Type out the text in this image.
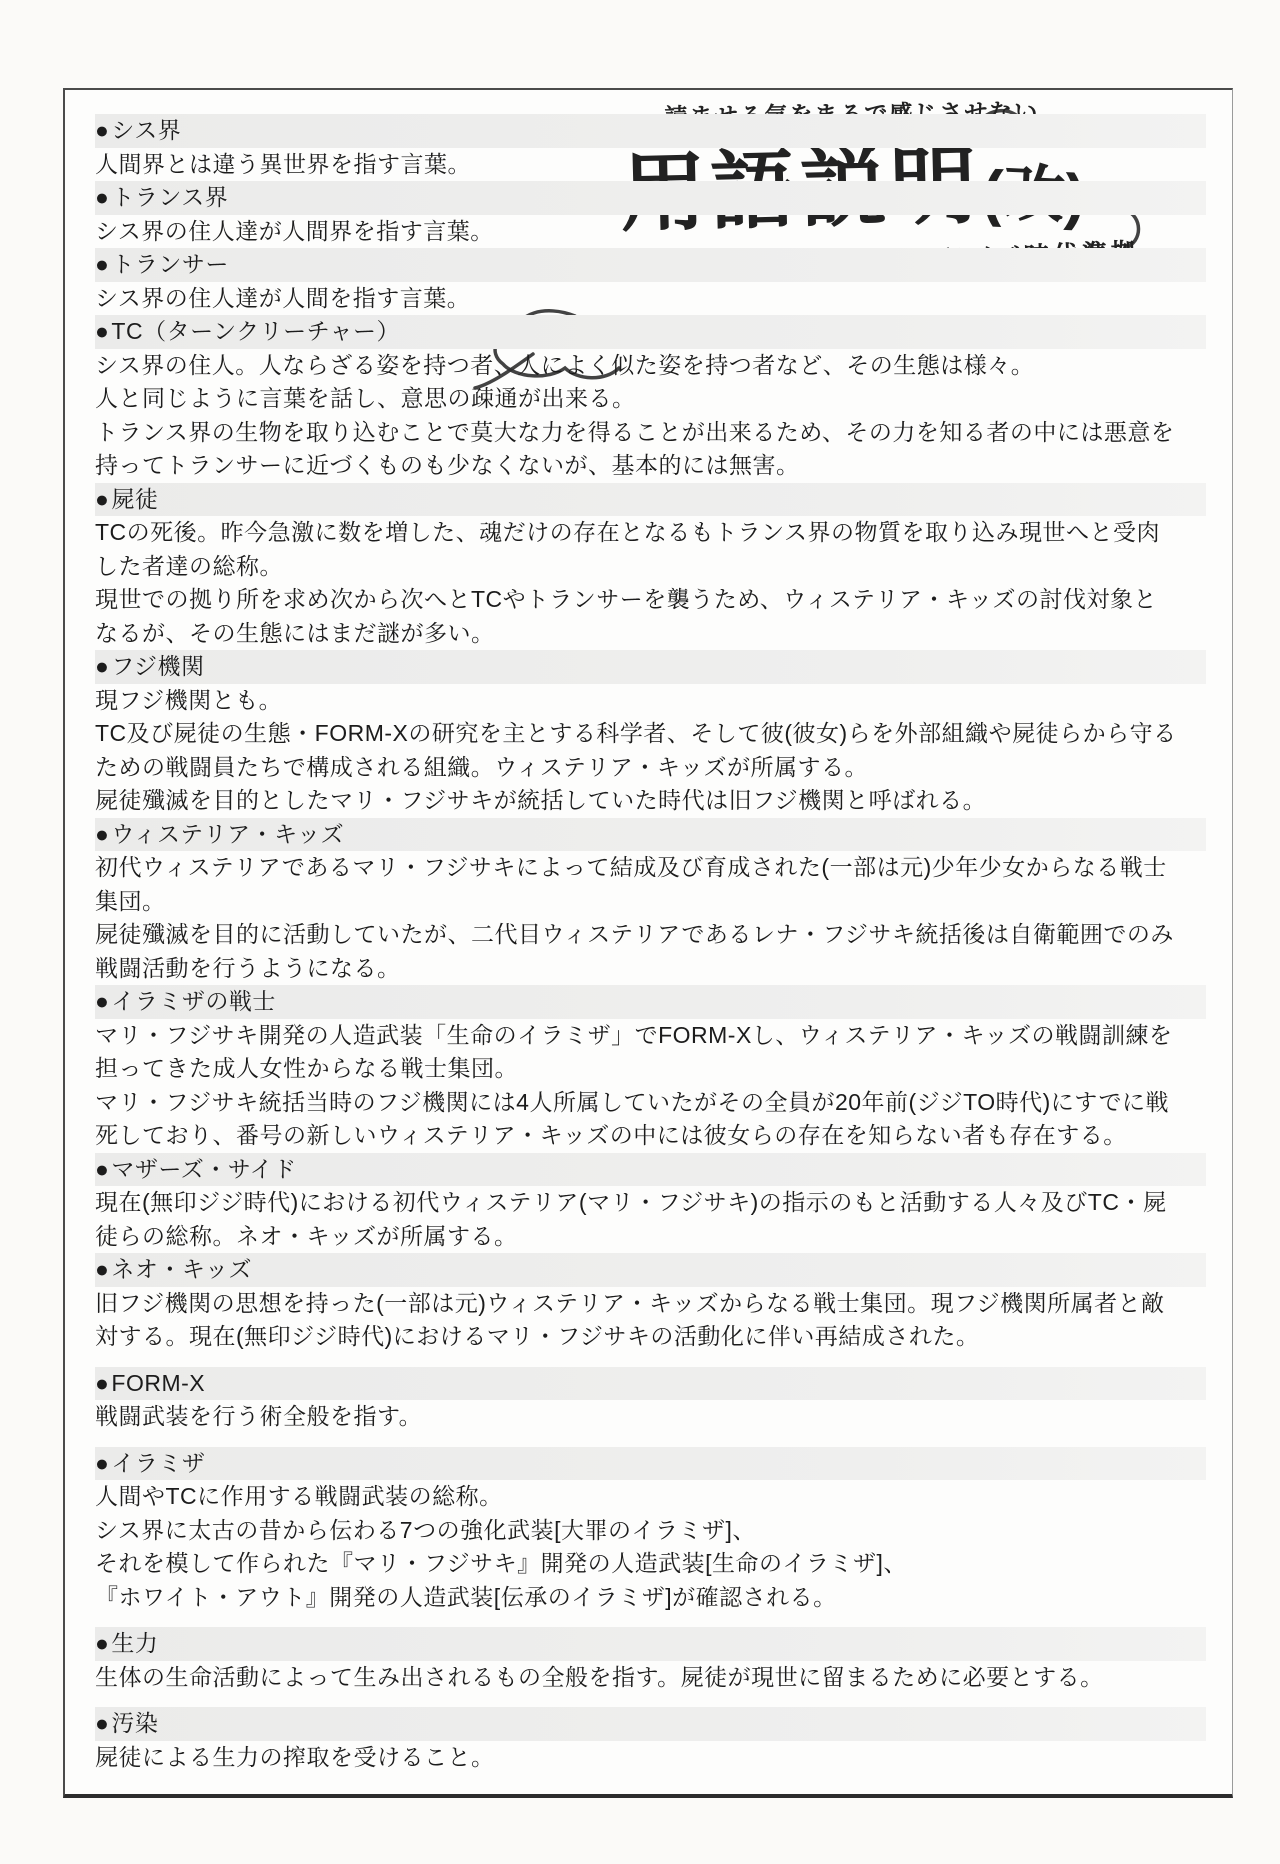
●シス界
人間界とは違う異世界を指す言葉。
●トランス界
シス界の住人達が人間界を指す言葉。
●トランサー
シス界の住人達が人間を指す言葉。
●TC（ターンクリーチャー）
シス界の住人。人ならざる姿を持つ者、人によく似た姿を持つ者など、その生態は様々。
人と同じように言葉を話し、意思の疎通が出来る。
トランス界の生物を取り込むことで莫大な力を得ることが出来るため、その力を知る者の中には悪意を
持ってトランサーに近づくものも少なくないが、基本的には無害。
●屍徒
TCの死後。昨今急激に数を増した、魂だけの存在となるもトランス界の物質を取り込み現世へと受肉
した者達の総称。
現世での拠り所を求め次から次へとTCやトランサーを襲うため、ウィステリア・キッズの討伐対象と
なるが、その生態にはまだ謎が多い。
●フジ機関
現フジ機関とも。
TC及び屍徒の生態・FORM-Xの研究を主とする科学者、そして彼(彼女)らを外部組織や屍徒らから守る
ための戦闘員たちで構成される組織。ウィステリア・キッズが所属する。
屍徒殲滅を目的としたマリ・フジサキが統括していた時代は旧フジ機関と呼ばれる。
●ウィステリア・キッズ
初代ウィステリアであるマリ・フジサキによって結成及び育成された(一部は元)少年少女からなる戦士
集団。
屍徒殲滅を目的に活動していたが、二代目ウィステリアであるレナ・フジサキ統括後は自衛範囲でのみ
戦闘活動を行うようになる。
●イラミザの戦士
マリ・フジサキ開発の人造武装「生命のイラミザ」でFORM-Xし、ウィステリア・キッズの戦闘訓練を
担ってきた成人女性からなる戦士集団。
マリ・フジサキ統括当時のフジ機関には4人所属していたがその全員が20年前(ジジTO時代)にすでに戦
死しており、番号の新しいウィステリア・キッズの中には彼女らの存在を知らない者も存在する。
●マザーズ・サイド
現在(無印ジジ時代)における初代ウィステリア(マリ・フジサキ)の指示のもと活動する人々及びTC・屍
徒らの総称。ネオ・キッズが所属する。
●ネオ・キッズ
旧フジ機関の思想を持った(一部は元)ウィステリア・キッズからなる戦士集団。現フジ機関所属者と敵
対する。現在(無印ジジ時代)におけるマリ・フジサキの活動化に伴い再結成された。
●FORM-X
戦闘武装を行う術全般を指す。
●イラミザ
人間やTCに作用する戦闘武装の総称。
シス界に太古の昔から伝わる7つの強化武装[大罪のイラミザ]、
それを模して作られた『マリ・フジサキ』開発の人造武装[生命のイラミザ]、
『ホワイト・アウト』開発の人造武装[伝承のイラミザ]が確認される。
●生力
生体の生命活動によって生み出されるもの全般を指す。屍徒が現世に留まるために必要とする。
●汚染
屍徒による生力の搾取を受けること。
